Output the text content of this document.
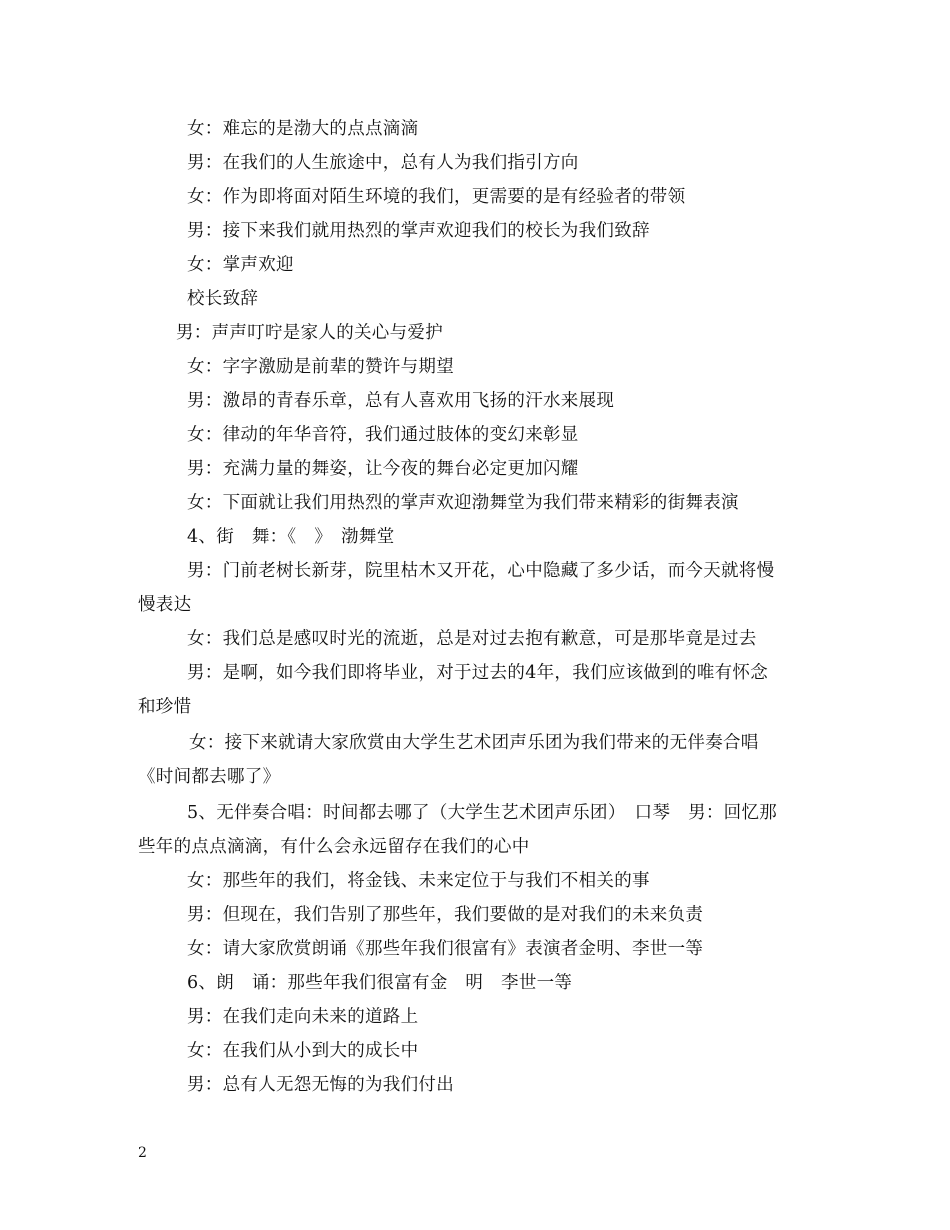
女：难忘的是渤大的点点滴滴
男：在我们的人生旅途中，总有人为我们指引方向
女：作为即将面对陌生环境的我们，更需要的是有经验者的带领
男：接下来我们就用热烈的掌声欢迎我们的校长为我们致辞
女：掌声欢迎
校长致辞
男：声声叮咛是家人的关心与爱护
女：字字激励是前辈的赞许与期望
男：激昂的青春乐章，总有人喜欢用飞扬的汗水来展现
女：律动的年华音符，我们通过肢体的变幻来彰显
男：充满力量的舞姿，让今夜的舞台必定更加闪耀
女：下面就让我们用热烈的掌声欢迎渤舞堂为我们带来精彩的街舞表演
4、街　舞：《　》　渤舞堂
男：门前老树长新芽，院里枯木又开花，心中隐藏了多少话，而今天就将慢
慢表达
女：我们总是感叹时光的流逝，总是对过去抱有歉意，可是那毕竟是过去
男：是啊，如今我们即将毕业，对于过去的4年，我们应该做到的唯有怀念
和珍惜
女：接下来就请大家欣赏由大学生艺术团声乐团为我们带来的无伴奏合唱
《时间都去哪了》
5、无伴奏合唱：时间都去哪了（大学生艺术团声乐团）　口琴　男：回忆那
些年的点点滴滴，有什么会永远留存在我们的心中
女：那些年的我们，将金钱、未来定位于与我们不相关的事
男：但现在，我们告别了那些年，我们要做的是对我们的未来负责
女：请大家欣赏朗诵《那些年我们很富有》表演者金明、李世一等
6、朗　诵：那些年我们很富有金　明　李世一等
男：在我们走向未来的道路上
女：在我们从小到大的成长中
男：总有人无怨无悔的为我们付出
2
